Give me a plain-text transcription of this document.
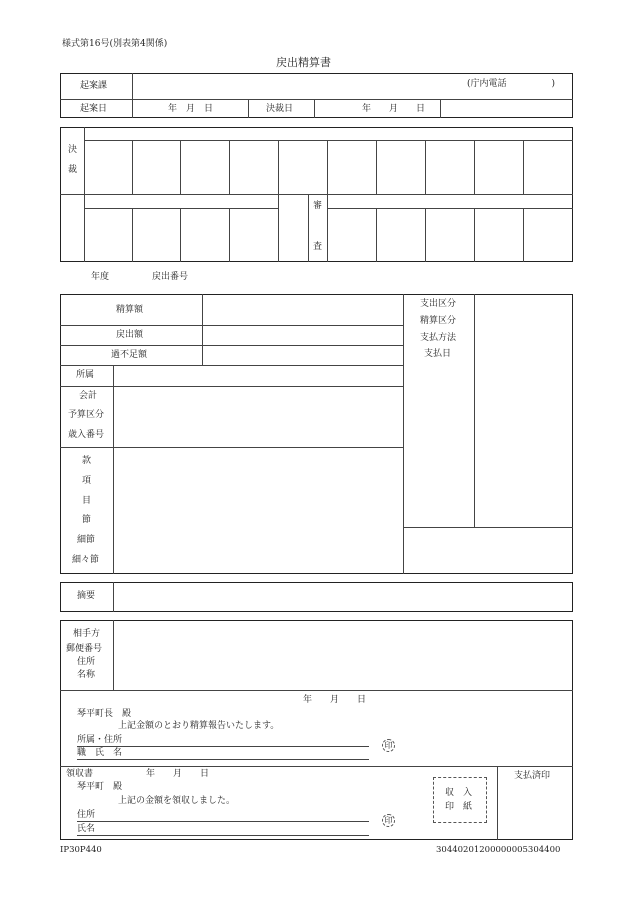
様式第16号(別表第4関係)
戻出精算書
起案課	(庁内電話　　　　　)
起案日	年　月　日	決裁日	年　　月　　日
決
裁
審
査
年度	戻出番号
精算額
戻出額
過不足額
所属
会計
予算区分
歳入番号
款
項
目
節
細節
細々節
支出区分
精算区分
支払方法
支払日
摘要
相手方
郵便番号
住所
名称
年　　月　　日
琴平町長　殿
上記金額のとおり精算報告いたします。
所属・住所
職　氏　名
印
領収書	年　　月　　日
琴平町　殿
上記の金額を領収しました。
住所
氏名
印
収　入
印　紙
支払済印
IP30P440	30440201200000005304400
